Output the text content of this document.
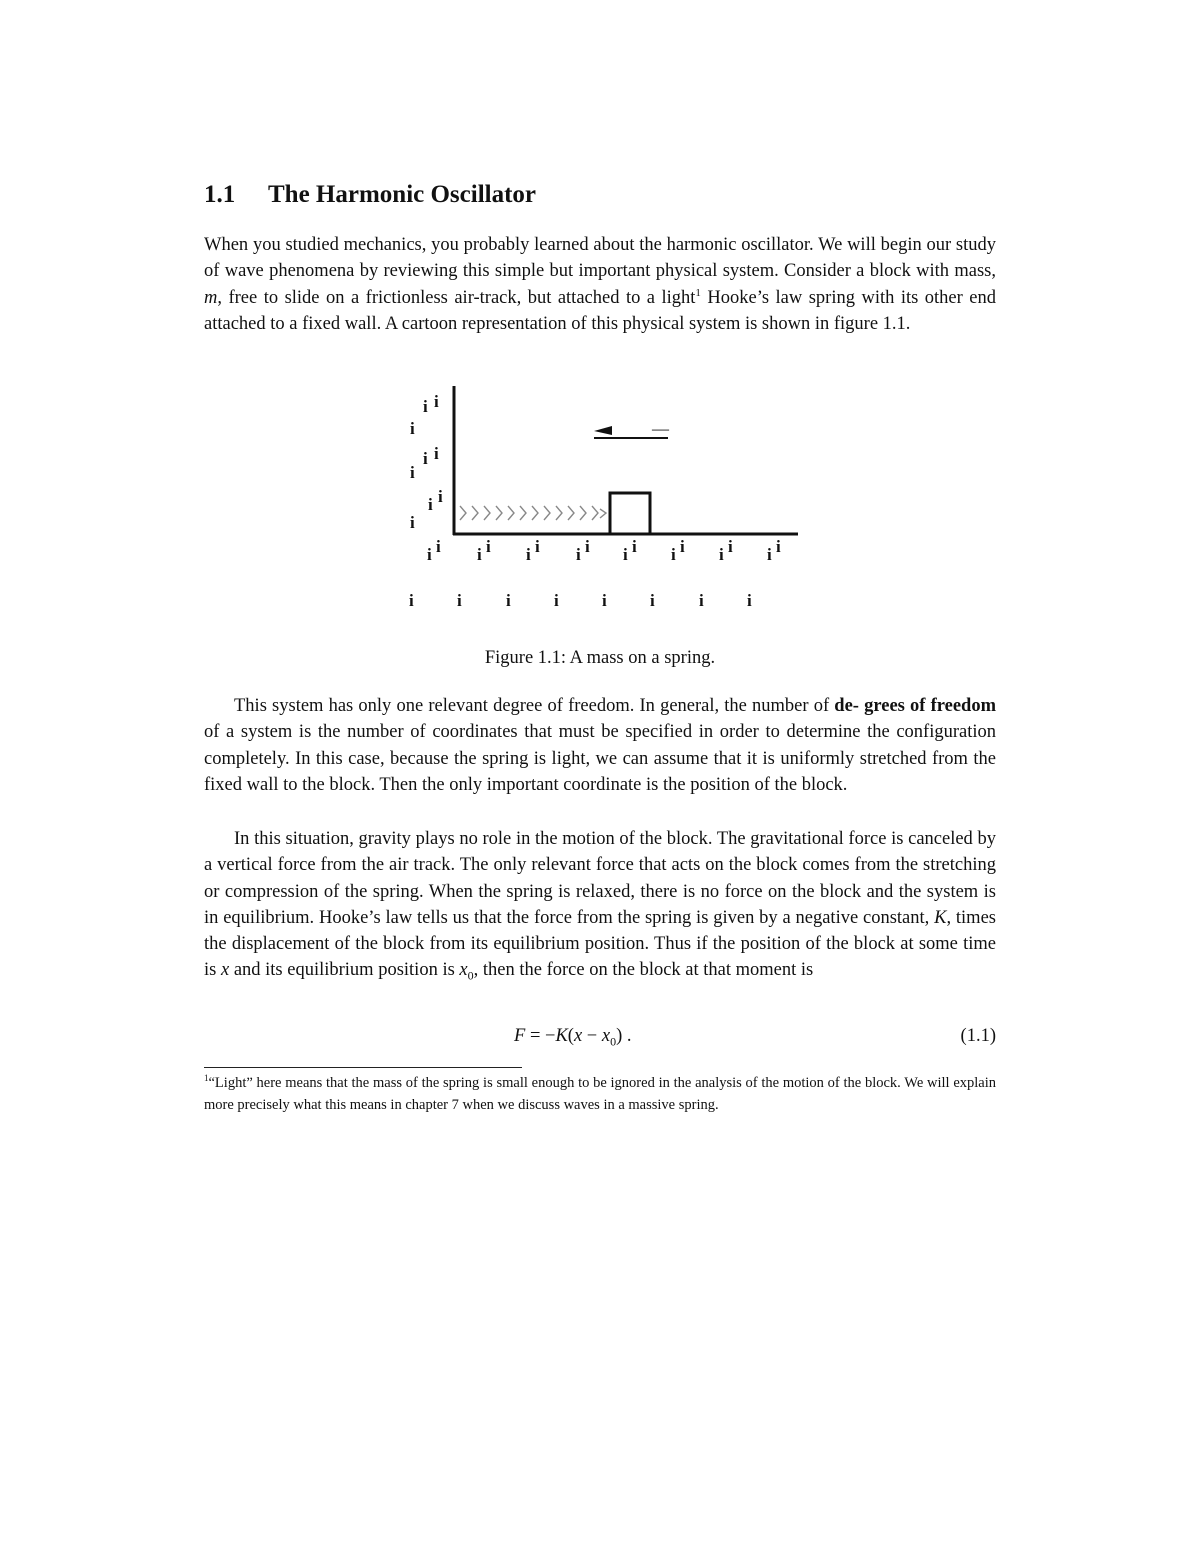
1.1 The Harmonic Oscillator

When you studied mechanics, you probably learned about the harmonic oscillator. We will begin our study of wave phenomena by reviewing this simple but important physical system. Consider a block with mass, m, free to slide on a frictionless air-track, but attached to a light$^1$ Hooke’s law spring with its other end attached to a fixed wall. A cartoon representation of this physical system is shown in figure 1.1.

—
i i
i
i i
i
i i
i
i i i i i i i i i i i i i i i i
i	i	i	i	i	i	i	i

Figure 1.1: A mass on a spring.

This system has only one relevant degree of freedom. In general, the number of de- grees of freedom of a system is the number of coordinates that must be specified in order to determine the configuration completely. In this case, because the spring is light, we can assume that it is uniformly stretched from the fixed wall to the block. Then the only important coordinate is the position of the block.

In this situation, gravity plays no role in the motion of the block. The gravitational force is canceled by a vertical force from the air track. The only relevant force that acts on the block comes from the stretching or compression of the spring. When the spring is relaxed, there is no force on the block and the system is in equilibrium. Hooke’s law tells us that the force from the spring is given by a negative constant, K, times the displacement of the block from its equilibrium position. Thus if the position of the block at some time is x and its equilibrium position is $x_0$, then the force on the block at that moment is

$F = -K(x - x_0)$ .	(1.1)

$^1$“Light” here means that the mass of the spring is small enough to be ignored in the analysis of the motion of the block. We will explain more precisely what this means in chapter 7 when we discuss waves in a massive spring.
